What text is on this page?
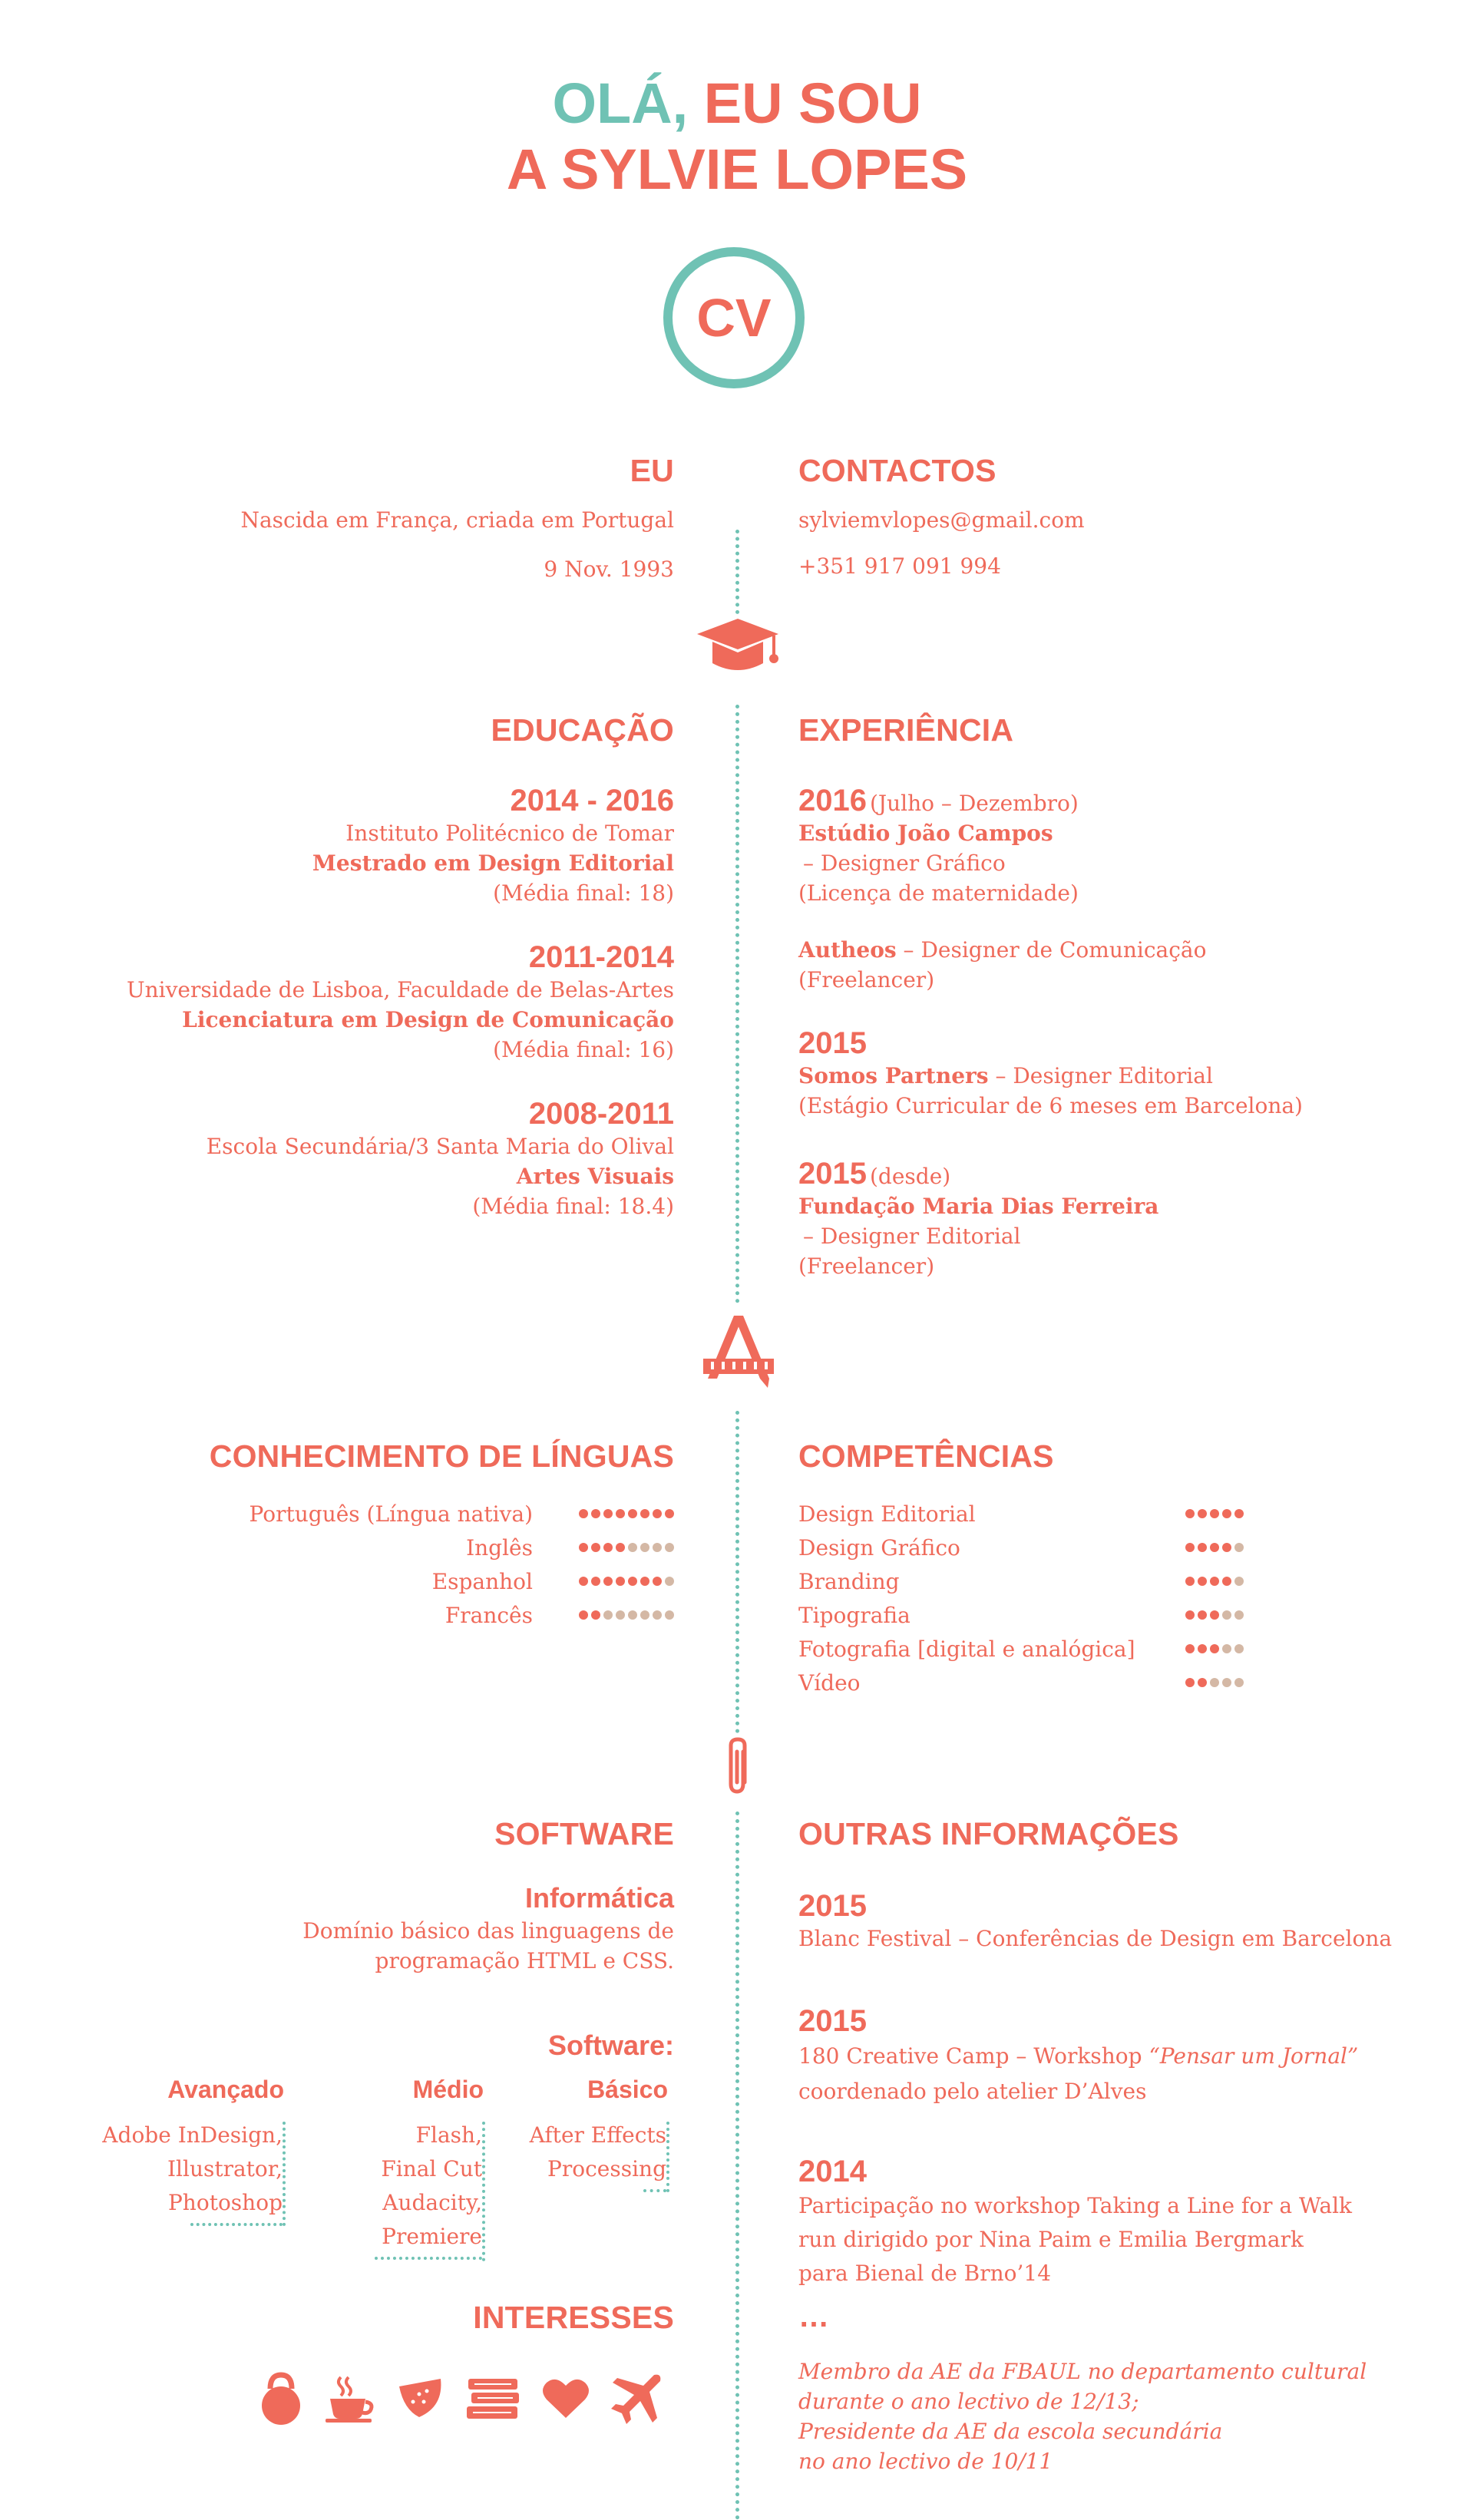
OLÁ, EU SOU
A SYLVIE LOPES
CV
EU
Nascida em França, criada em Portugal
9 Nov. 1993
CONTACTOS
sylviemvlopes@gmail.com
+351 917 091 994
EDUCAÇÃO
2014 - 2016
Instituto Politécnico de Tomar
Mestrado em Design Editorial
(Média final: 18)
2011-2014
Universidade de Lisboa, Faculdade de Belas-Artes
Licenciatura em Design de Comunicação
(Média final: 16)
2008-2011
Escola Secundária/3 Santa Maria do Olival
Artes Visuais
(Média final: 18.4)
EXPERIÊNCIA
2016 (Julho – Dezembro)
Estúdio João Campos
– Designer Gráfico
(Licença de maternidade)
Autheos – Designer de Comunicação
(Freelancer)
2015
Somos Partners – Designer Editorial
(Estágio Curricular de 6 meses em Barcelona)
2015 (desde)
Fundação Maria Dias Ferreira
– Designer Editorial
(Freelancer)
CONHECIMENTO DE LÍNGUAS
Português (Língua nativa)
Inglês
Espanhol
Francês
COMPETÊNCIAS
Design Editorial
Design Gráfico
Branding
Tipografia
Fotografia [digital e analógica]
Vídeo
SOFTWARE
Informática
Domínio básico das linguagens de
programação HTML e CSS.
Software:
Avançado	Médio	Básico
Adobe InDesign,
Illustrator,
Photoshop
Flash,
Final Cut
Audacity,
Premiere
After Effects
Processing
INTERESSES
OUTRAS INFORMAÇÕES
2015
Blanc Festival – Conferências de Design em Barcelona
2015
180 Creative Camp – Workshop “Pensar um Jornal”
coordenado pelo atelier D’Alves
2014
Participação no workshop Taking a Line for a Walk
run dirigido por Nina Paim e Emilia Bergmark
para Bienal de Brno’14
…
Membro da AE da FBAUL no departamento cultural
durante o ano lectivo de 12/13;
Presidente da AE da escola secundária
no ano lectivo de 10/11
